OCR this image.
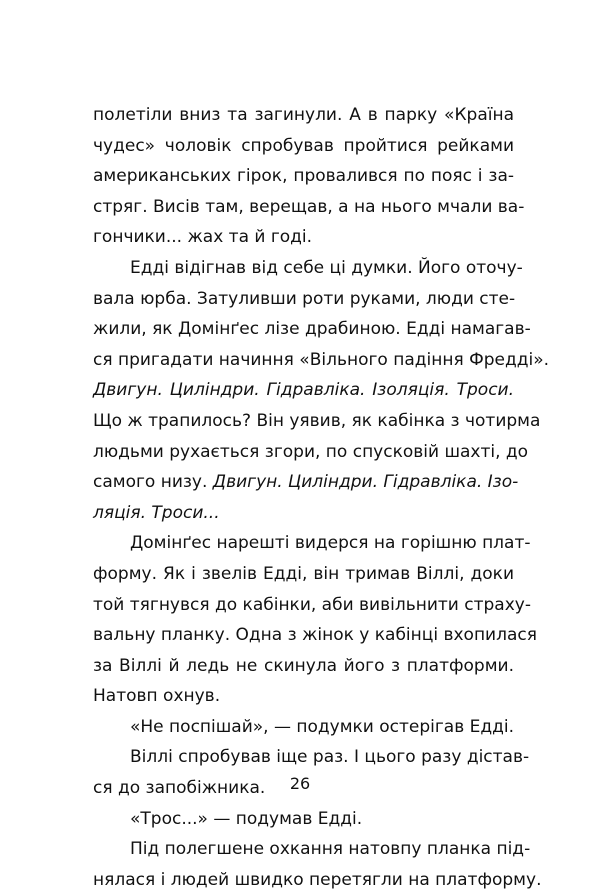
полетіли вниз та загинули. А в парку «Країна
чудес» чоловік спробував пройтися рейками
американських гірок, провалився по пояс і за-
стряг. Висів там, верещав, а на нього мчали ва-
гончики... жах та й годі.
Едді відігнав від себе ці думки. Його оточу-
вала юрба. Затуливши роти руками, люди сте-
жили, як Домінґес лізе драбиною. Едді намагав-
ся пригадати начиння «Вільного падіння Фредді».
Двигун. Циліндри. Гідравліка. Ізоляція. Троси.
Що ж трапилось? Він уявив, як кабінка з чотирма
людьми рухається згори, по спусковій шахті, до
самого низу. Двигун. Циліндри. Гідравліка. Ізо-
ляція. Троси...
Домінґес нарешті видерся на горішню плат-
форму. Як і звелів Едді, він тримав Віллі, доки
той тягнувся до кабінки, аби вивільнити страху-
вальну планку. Одна з жінок у кабінці вхопилася
за Віллі й ледь не скинула його з платформи.
Натовп охнув.
«Не поспішай», — подумки остерігав Едді.
Віллі спробував іще раз. І цього разу дістав-
ся до запобіжника.
«Трос...» — подумав Едді.
Під полегшене охкання натовпу планка під-
нялася і людей швидко перетягли на платформу.
26
